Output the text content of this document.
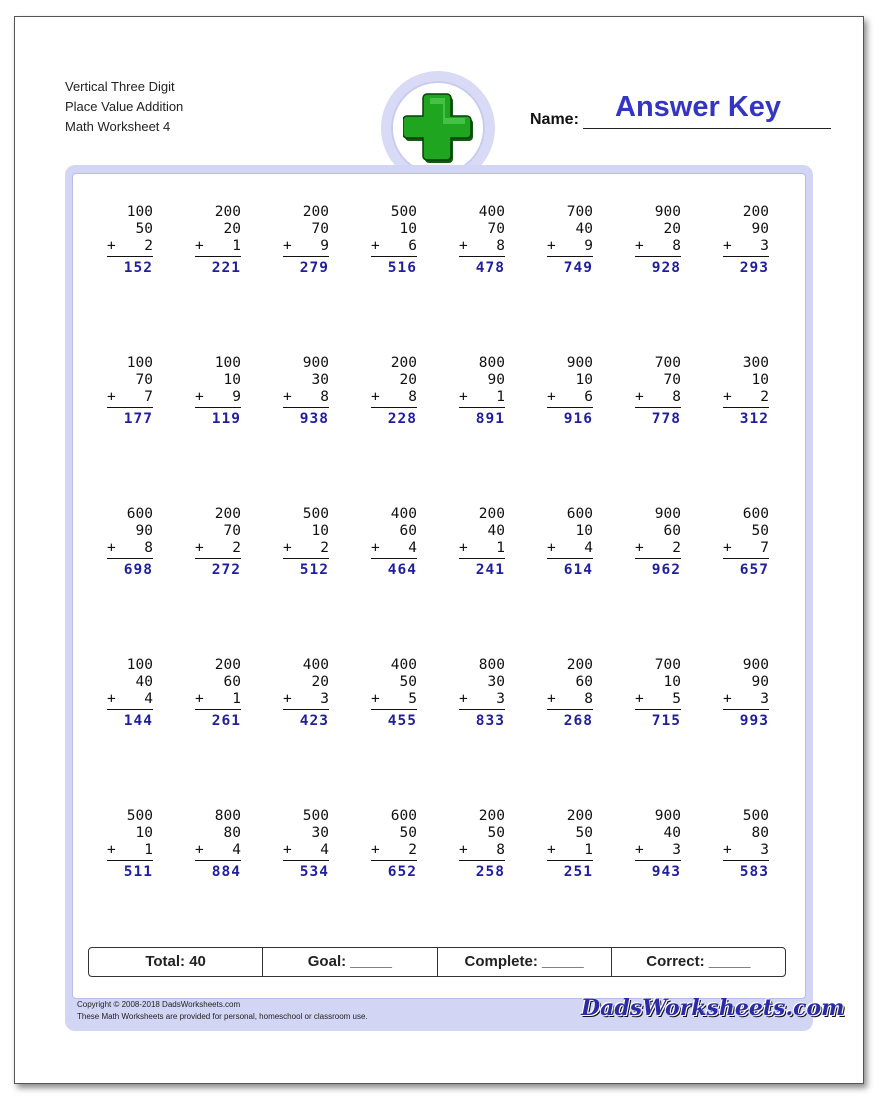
Vertical Three Digit
Place Value Addition
Math Worksheet 4	Name: Answer Key
100
50
+ 2
152
200
20
+ 1
221
200
70
+ 9
279
500
10
+ 6
516
400
70
+ 8
478
700
40
+ 9
749
900
20
+ 8
928
200
90
+ 3
293
100
70
+ 7
177
100
10
+ 9
119
900
30
+ 8
938
200
20
+ 8
228
800
90
+ 1
891
900
10
+ 6
916
700
70
+ 8
778
300
10
+ 2
312
600
90
+ 8
698
200
70
+ 2
272
500
10
+ 2
512
400
60
+ 4
464
200
40
+ 1
241
600
10
+ 4
614
900
60
+ 2
962
600
50
+ 7
657
100
40
+ 4
144
200
60
+ 1
261
400
20
+ 3
423
400
50
+ 5
455
800
30
+ 3
833
200
60
+ 8
268
700
10
+ 5
715
900
90
+ 3
993
500
10
+ 1
511
800
80
+ 4
884
500
30
+ 4
534
600
50
+ 2
652
200
50
+ 8
258
200
50
+ 1
251
900
40
+ 3
943
500
80
+ 3
583
Total: 40	Goal: _____	Complete: _____	Correct: _____
Copyright © 2008-2018 DadsWorksheets.com
These Math Worksheets are provided for personal, homeschool or classroom use.	DadsWorksheets.com
